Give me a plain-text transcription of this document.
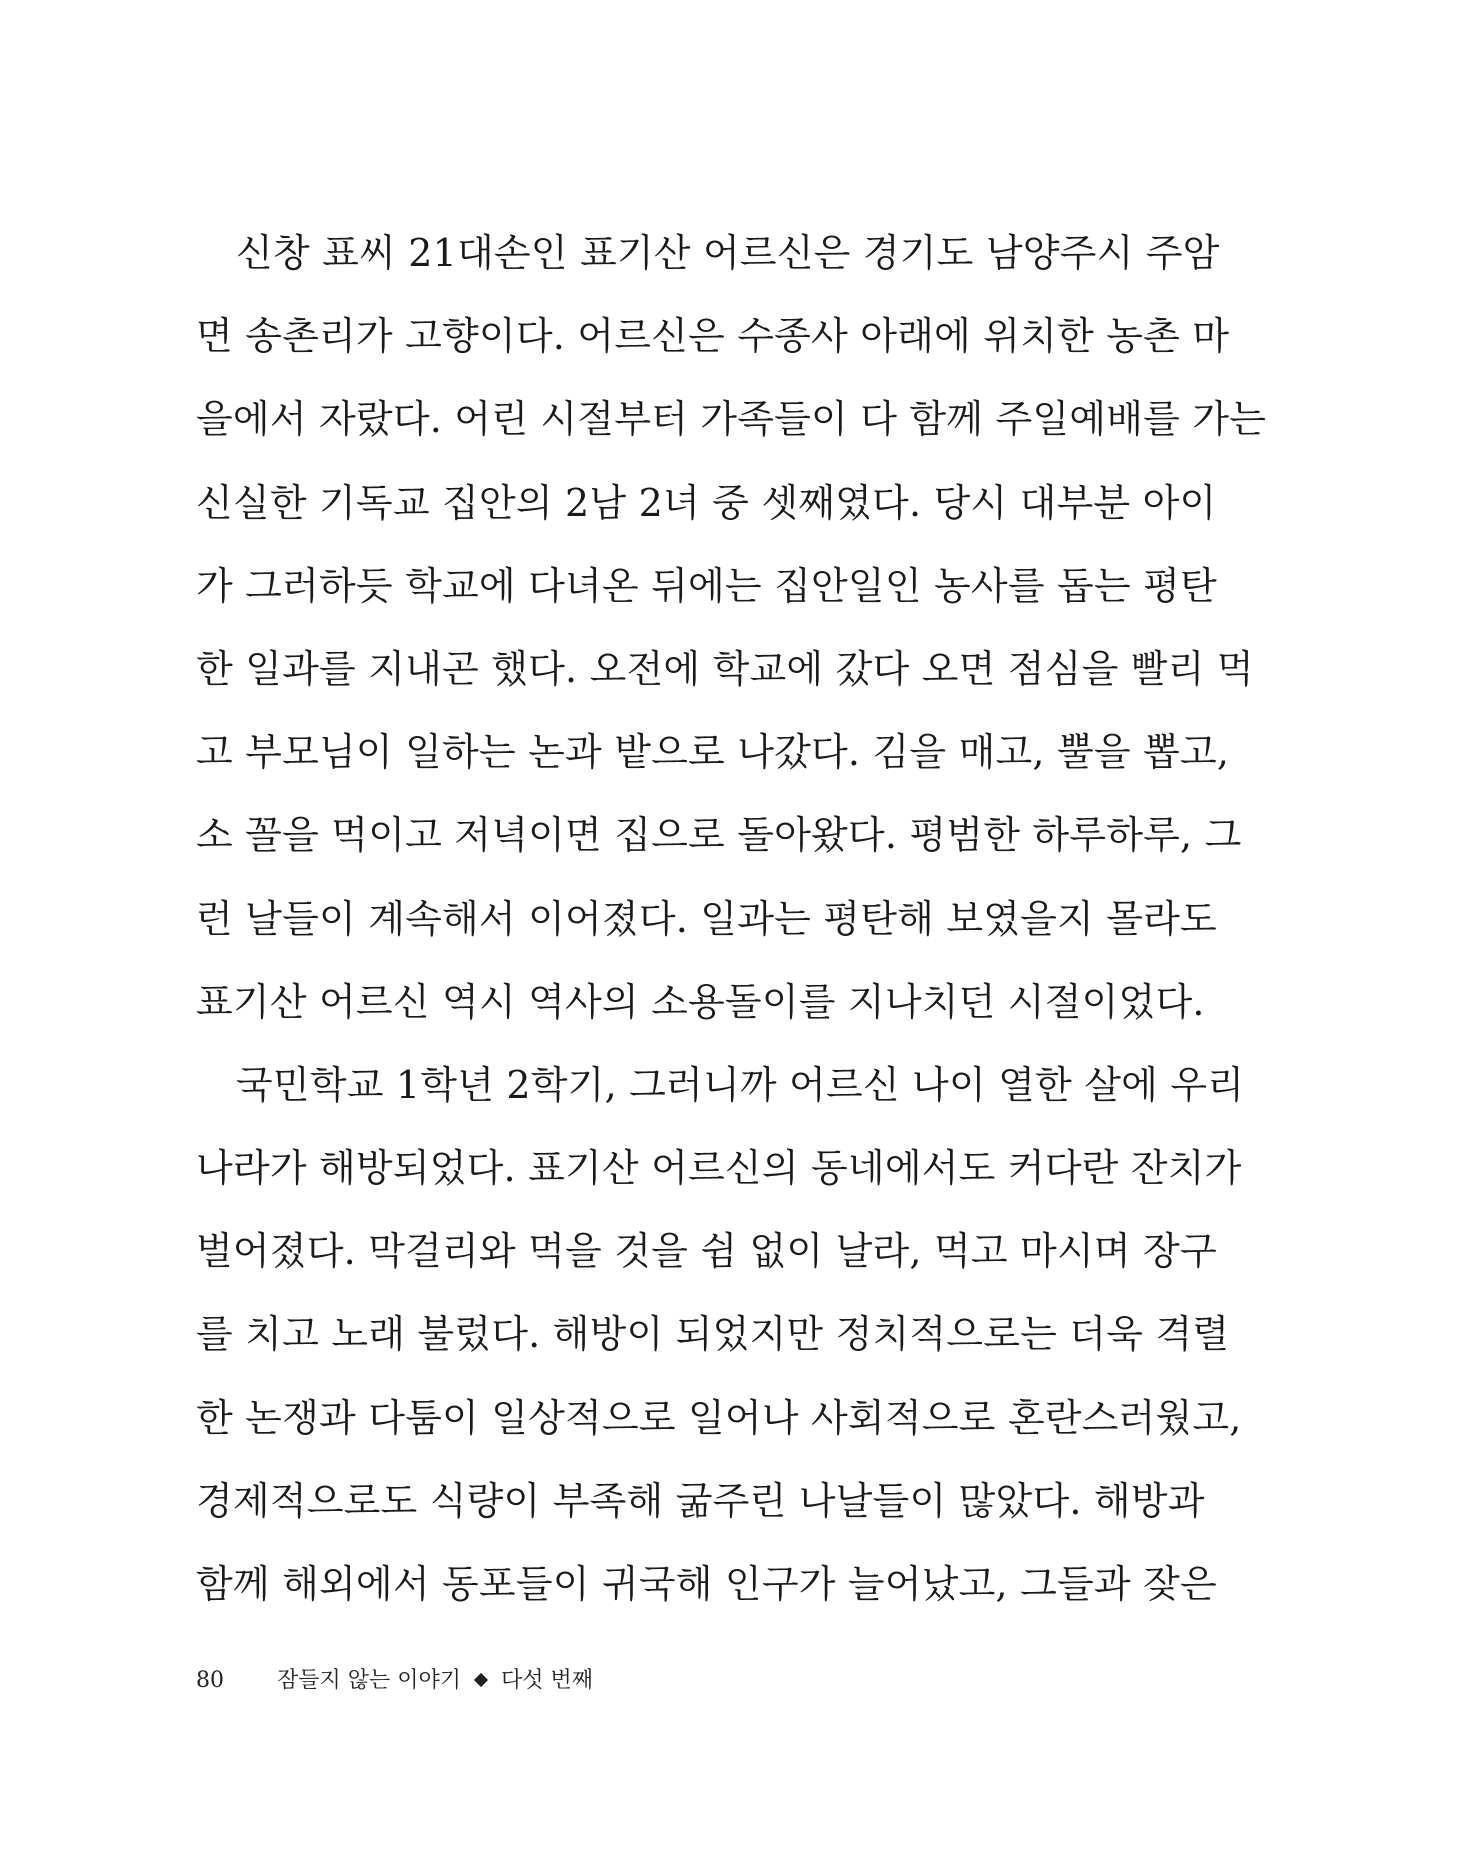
신창 표씨 21대손인 표기산 어르신은 경기도 남양주시 주암
면 송촌리가 고향이다. 어르신은 수종사 아래에 위치한 농촌 마
을에서 자랐다. 어린 시절부터 가족들이 다 함께 주일예배를 가는
신실한 기독교 집안의 2남 2녀 중 셋째였다. 당시 대부분 아이
가 그러하듯 학교에 다녀온 뒤에는 집안일인 농사를 돕는 평탄
한 일과를 지내곤 했다. 오전에 학교에 갔다 오면 점심을 빨리 먹
고 부모님이 일하는 논과 밭으로 나갔다. 김을 매고, 뿔을 뽑고,
소 꼴을 먹이고 저녁이면 집으로 돌아왔다. 평범한 하루하루, 그
런 날들이 계속해서 이어졌다. 일과는 평탄해 보였을지 몰라도
표기산 어르신 역시 역사의 소용돌이를 지나치던 시절이었다.
국민학교 1학년 2학기, 그러니까 어르신 나이 열한 살에 우리
나라가 해방되었다. 표기산 어르신의 동네에서도 커다란 잔치가
벌어졌다. 막걸리와 먹을 것을 쉼 없이 날라, 먹고 마시며 장구
를 치고 노래 불렀다. 해방이 되었지만 정치적으로는 더욱 격렬
한 논쟁과 다툼이 일상적으로 일어나 사회적으로 혼란스러웠고,
경제적으로도 식량이 부족해 굶주린 나날들이 많았다. 해방과
함께 해외에서 동포들이 귀국해 인구가 늘어났고, 그들과 잦은
80 잠들지 않는 이야기 다섯 번째
